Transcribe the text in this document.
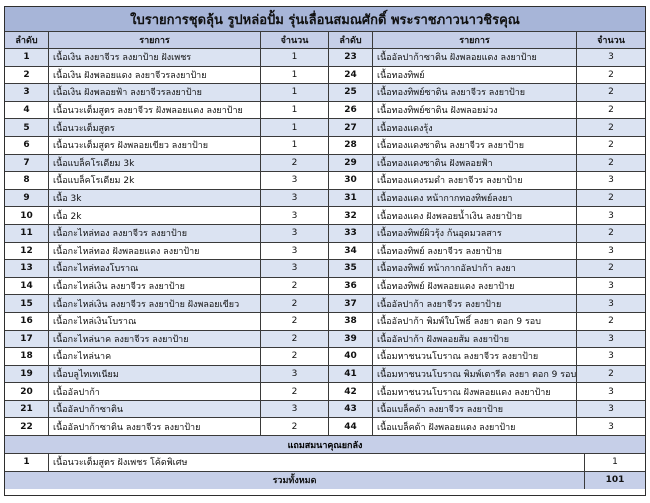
ใบรายการชุดลุ้น รูปหล่อปั้ม รุ่นเลื่อนสมณศักดิ์ พระราชภาวนาวชิรคุณ
ลำดับ	รายการ	จำนวน	ลำดับ	รายการ	จำนวน
1	เนื้อเงิน ลงยาจีวร ลงยาป้าย ฝังเพชร	1	23	เนื้ออัลปาก้าซาติน ฝังพลอยแดง ลงยาป้าย	3
2	เนื้อเงิน ฝังพลอยแดง ลงยาจีวรลงยาป้าย	1	24	เนื้อทองทิพย์	2
3	เนื้อเงิน ฝังพลอยฟ้า ลงยาจีวรลงยาป้าย	1	25	เนื้อทองทิพย์ซาติน ลงยาจีวร ลงยาป้าย	2
4	เนื้อนวะเต็มสูตร ลงยาจีวร ฝังพลอยแดง ลงยาป้าย	1	26	เนื้อทองทิพย์ซาติน ฝังพลอยม่วง	2
5	เนื้อนวะเต็มสูตร	1	27	เนื้อทองแดงรุ้ง	2
6	เนื้อนวะเต็มสูตร ฝังพลอยเขียว ลงยาป้าย	1	28	เนื้อทองแดงซาติน ลงยาจีวร ลงยาป้าย	2
7	เนื้อแบล็คโรเดียม 3k	2	29	เนื้อทองแดงซาติน ฝังพลอยฟ้า	2
8	เนื้อแบล็คโรเดียม 2k	3	30	เนื้อทองแดงรมดำ ลงยาจีวร ลงยาป้าย	3
9	เนื้อ 3k	3	31	เนื้อทองแดง หน้ากากทองทิพย์ลงยา	2
10	เนื้อ 2k	3	32	เนื้อทองแดง ฝังพลอยน้ำเงิน ลงยาป้าย	3
11	เนื้อกะไหล่ทอง ลงยาจีวร ลงยาป้าย	3	33	เนื้อทองทิพย์ผิวรุ้ง ก้นอุดมวลสาร	2
12	เนื้อกะไหล่ทอง ฝังพลอยแดง ลงยาป้าย	3	34	เนื้อทองทิพย์ ลงยาจีวร ลงยาป้าย	3
13	เนื้อกะไหล่ทองโบราณ	3	35	เนื้อทองทิพย์ หน้ากากอัลปาก้า ลงยา	2
14	เนื้อกะไหล่เงิน ลงยาจีวร ลงยาป้าย	2	36	เนื้อทองทิพย์ ฝังพลอยแดง ลงยาป้าย	3
15	เนื้อกะไหล่เงิน ลงยาจีวร ลงยาป้าย ฝังพลอยเขียว	2	37	เนื้ออัลปาก้า ลงยาจีวร ลงยาป้าย	3
16	เนื้อกะไหล่เงินโบราณ	2	38	เนื้ออัลปาก้า พิมพ์ใบโพธิ์ ลงยา ตอก 9 รอบ	2
17	เนื้อกะไหล่นาค ลงยาจีวร ลงยาป้าย	2	39	เนื้ออัลปาก้า ฝังพลอยส้ม ลงยาป้าย	3
18	เนื้อกะไหล่นาค	2	40	เนื้อมหาชนวนโบราณ ลงยาจีวร ลงยาป้าย	3
19	เนื้อบลูไทเทเนียม	3	41	เนื้อมหาชนวนโบราณ พิมพ์เตารีด ลงยา ตอก 9 รอบ	2
20	เนื้ออัลปาก้า	2	42	เนื้อมหาชนวนโบราณ ฝังพลอยแดง ลงยาป้าย	3
21	เนื้ออัลปาก้าซาติน	3	43	เนื้อแบล็คด้า ลงยาจีวร ลงยาป้าย	3
22	เนื้ออัลปาก้าซาติน ลงยาจีวร ลงยาป้าย	2	44	เนื้อแบล็คด้า ฝังพลอยแดง ลงยาป้าย	3
แถมสมนาคุณยกลัง
1	เนื้อนวะเต็มสูตร ฝังเพชร โค้ดพิเศษ	1
รวมทั้งหมด	101
